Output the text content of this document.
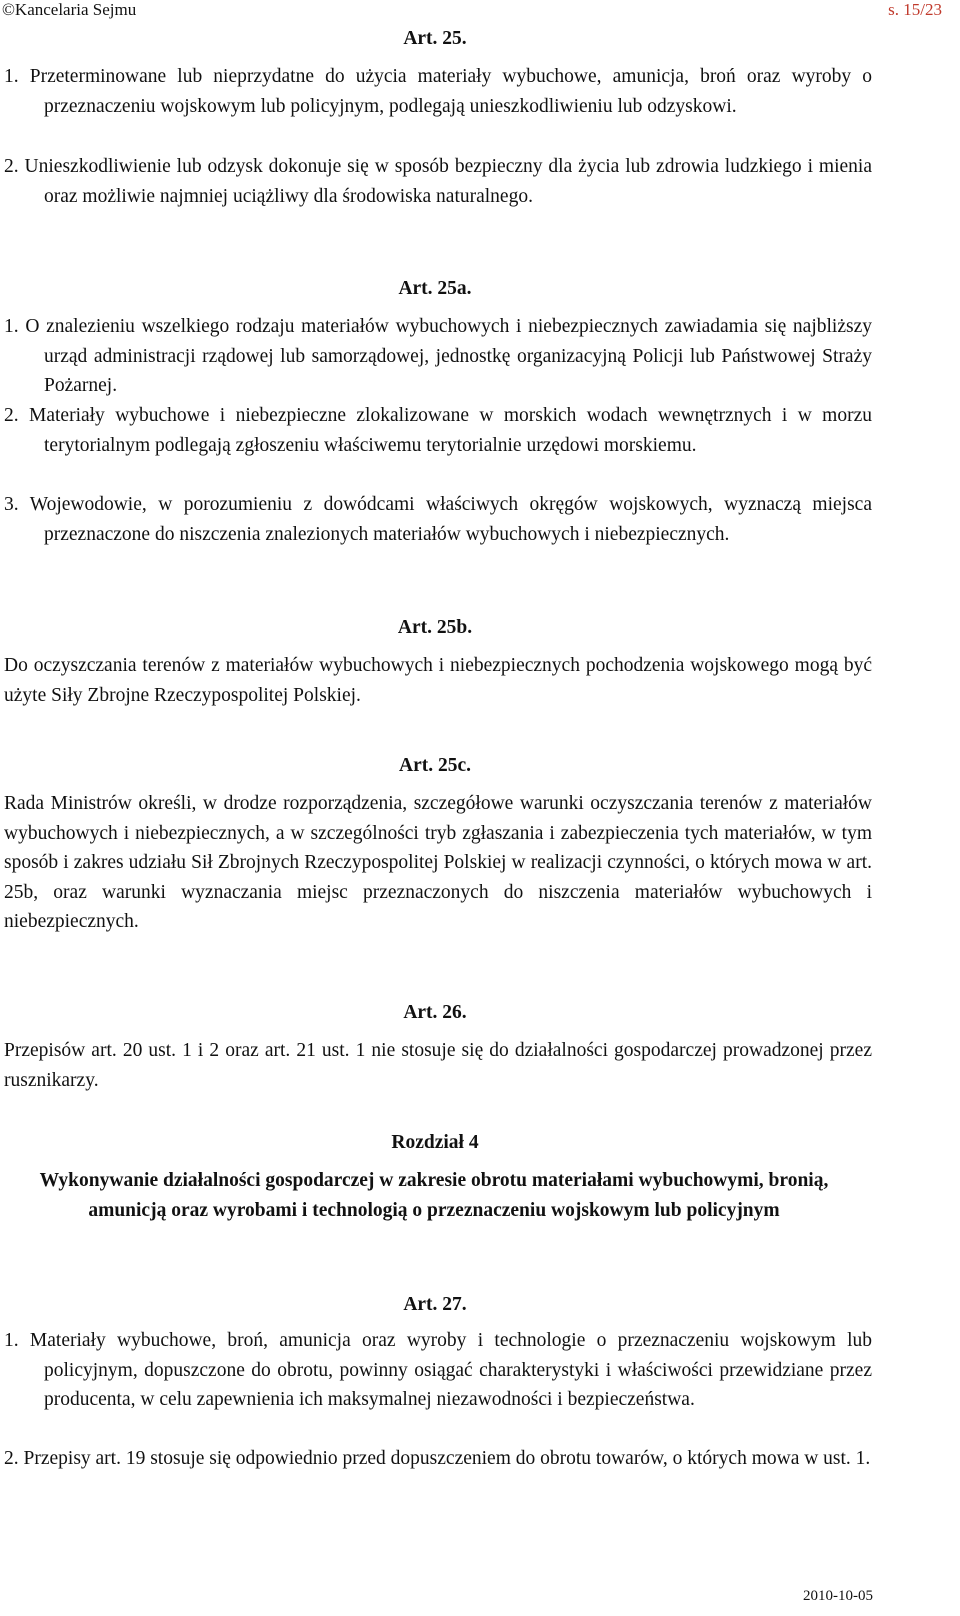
©Kancelaria Sejmu	s. 15/23
Art. 25.
1. Przeterminowane lub nieprzydatne do użycia materiały wybuchowe, amunicja, broń oraz wyroby o przeznaczeniu wojskowym lub policyjnym, podlegają unieszkodliwieniu lub odzyskowi.
2. Unieszkodliwienie lub odzysk dokonuje się w sposób bezpieczny dla życia lub zdrowia ludzkiego i mienia oraz możliwie najmniej uciążliwy dla środowiska naturalnego.
Art. 25a.
1. O znalezieniu wszelkiego rodzaju materiałów wybuchowych i niebezpiecznych zawiadamia się najbliższy urząd administracji rządowej lub samorządowej, jednostkę organizacyjną Policji lub Państwowej Straży Pożarnej.
2. Materiały wybuchowe i niebezpieczne zlokalizowane w morskich wodach wewnętrznych i w morzu terytorialnym podlegają zgłoszeniu właściwemu terytorialnie urzędowi morskiemu.
3. Wojewodowie, w porozumieniu z dowódcami właściwych okręgów wojskowych, wyznaczą miejsca przeznaczone do niszczenia znalezionych materiałów wybuchowych i niebezpiecznych.
Art. 25b.
Do oczyszczania terenów z materiałów wybuchowych i niebezpiecznych pochodzenia wojskowego mogą być użyte Siły Zbrojne Rzeczypospolitej Polskiej.
Art. 25c.
Rada Ministrów określi, w drodze rozporządzenia, szczegółowe warunki oczyszczania terenów z materiałów wybuchowych i niebezpiecznych, a w szczególności tryb zgłaszania i zabezpieczenia tych materiałów, w tym sposób i zakres udziału Sił Zbrojnych Rzeczypospolitej Polskiej w realizacji czynności, o których mowa w art. 25b, oraz warunki wyznaczania miejsc przeznaczonych do niszczenia materiałów wybuchowych i niebezpiecznych.
Art. 26.
Przepisów art. 20 ust. 1 i 2 oraz art. 21 ust. 1 nie stosuje się do działalności gospodarczej prowadzonej przez rusznikarzy.
Rozdział 4
Wykonywanie działalności gospodarczej w zakresie obrotu materiałami wybuchowymi, bronią, amunicją oraz wyrobami i technologią o przeznaczeniu wojskowym lub policyjnym
Art. 27.
1. Materiały wybuchowe, broń, amunicja oraz wyroby i technologie o przeznaczeniu wojskowym lub policyjnym, dopuszczone do obrotu, powinny osiągać charakterystyki i właściwości przewidziane przez producenta, w celu zapewnienia ich maksymalnej niezawodności i bezpieczeństwa.
2. Przepisy art. 19 stosuje się odpowiednio przed dopuszczeniem do obrotu towarów, o których mowa w ust. 1.
2010-10-05
